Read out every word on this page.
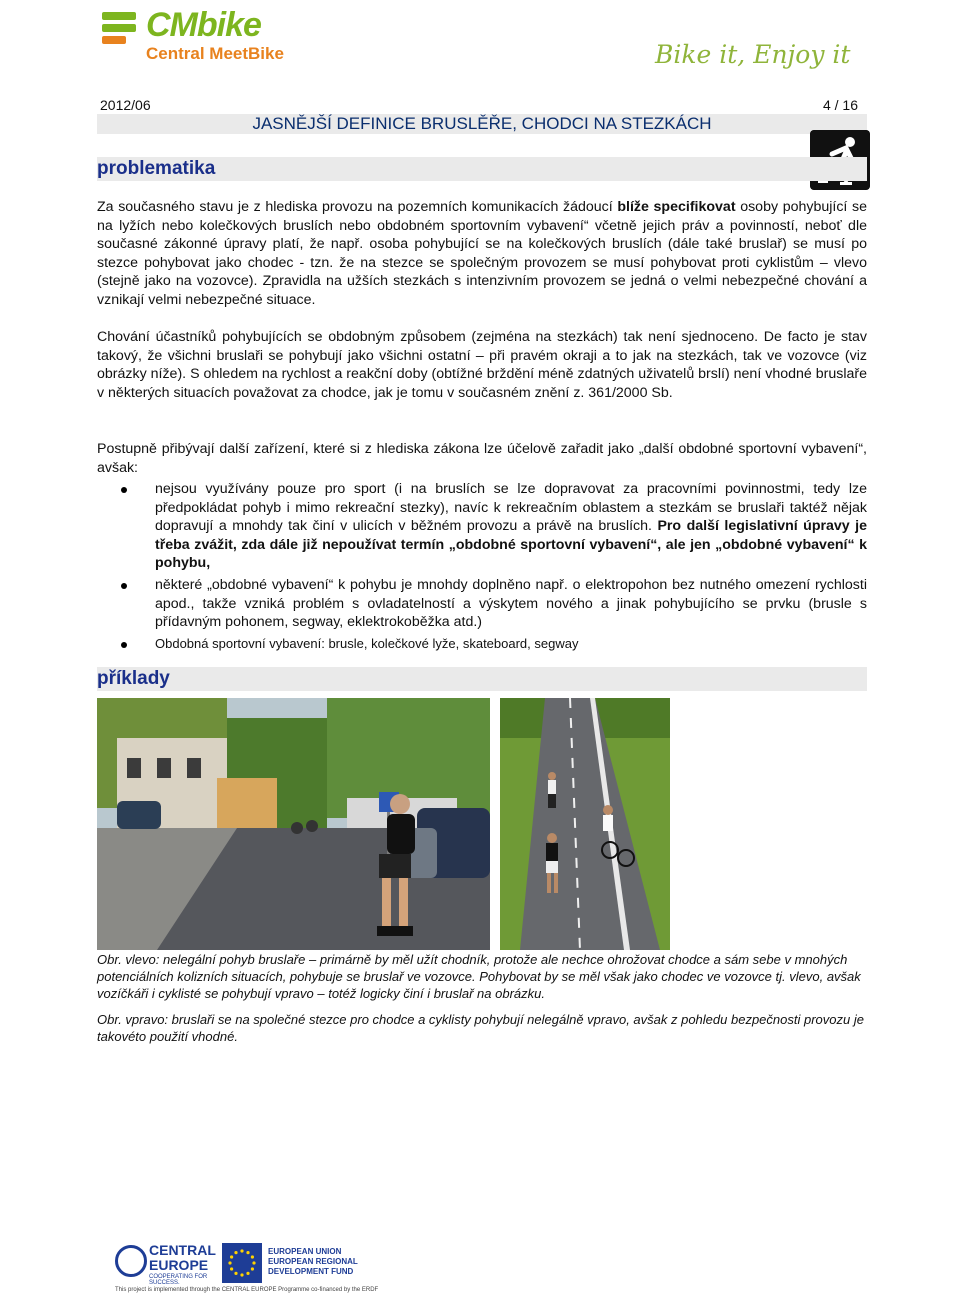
CMbike
Central MeetBike	Bike it, Enjoy it
2012/06	4 / 16
JASNĚJŠÍ DEFINICE BRUSLĚŘE, CHODCI NA STEZKÁCH
problematika
Za současného stavu je z hlediska provozu na pozemních komunikacích žádoucí blíže specifikovat osoby pohybující se na lyžích nebo kolečkových bruslích nebo obdobném sportovním vybavení“ včetně jejich práv a povinností, neboť dle současné zákonné úpravy platí, že např. osoba pohybující se na kolečkových bruslích (dále také bruslař) se musí po stezce pohybovat jako chodec - tzn. že na stezce se společným provozem se musí pohybovat proti cyklistům – vlevo (stejně jako na vozovce). Zpravidla na užších stezkách s intenzivním provozem se jedná o velmi nebezpečné chování a vznikají velmi nebezpečné situace.
Chování účastníků pohybujících se obdobným způsobem (zejména na stezkách) tak není sjednoceno. De facto je stav takový, že všichni bruslaři se pohybují jako všichni ostatní – při pravém okraji a to jak na stezkách, tak ve vozovce (viz obrázky níže). S ohledem na rychlost a reakční doby (obtížné brždění méně zdatných uživatelů brslí) není vhodné bruslaře v některých situacích považovat za chodce, jak je tomu v současném znění z. 361/2000 Sb.
Postupně přibývají další zařízení, které si z hlediska zákona lze účelově zařadit jako „další obdobné sportovní vybavení“, avšak:
nejsou využívány pouze pro sport (i na bruslích se lze dopravovat za pracovními povinnostmi, tedy lze předpokládat pohyb i mimo rekreační stezky), navíc k rekreačním oblastem a stezkám se bruslaři taktéž nějak dopravují a mnohdy tak činí v ulicích v běžném provozu a právě na bruslích. Pro další legislativní úpravy je třeba zvážit, zda dále již nepoužívat termín „obdobné sportovní vybavení“, ale jen „obdobné vybavení“ k pohybu,
některé „obdobné vybavení“ k pohybu je mnohdy doplněno např. o elektropohon bez nutného omezení rychlosti apod., takže vzniká problém s ovladatelností a výskytem nového a jinak pohybujícího se prvku (brusle s přídavným pohonem, segway, eklektrokoběžka atd.)
Obdobná sportovní vybavení: brusle, kolečkové lyže, skateboard, segway
příklady
Obr. vlevo: nelegální pohyb bruslaře – primárně by měl užít chodník, protože ale nechce ohrožovat chodce a sám sebe v mnohých potenciálních kolizních situacích, pohybuje se bruslař ve vozovce. Pohybovat by se měl však jako chodec ve vozovce tj. vlevo, avšak vozíčkáři i cyklisté se pohybují vpravo – totéž logicky činí i bruslař na obrázku.
Obr. vpravo: bruslaři se na společné stezce pro chodce a cyklisty pohybují nelegálně vpravo, avšak z pohledu bezpečnosti provozu je takovéto použití vhodné.
CENTRAL
EUROPE
COOPERATING FOR SUCCESS.
EUROPEAN UNION
EUROPEAN REGIONAL
DEVELOPMENT FUND
This project is implemented through the CENTRAL EUROPE Programme co-financed by the ERDF
